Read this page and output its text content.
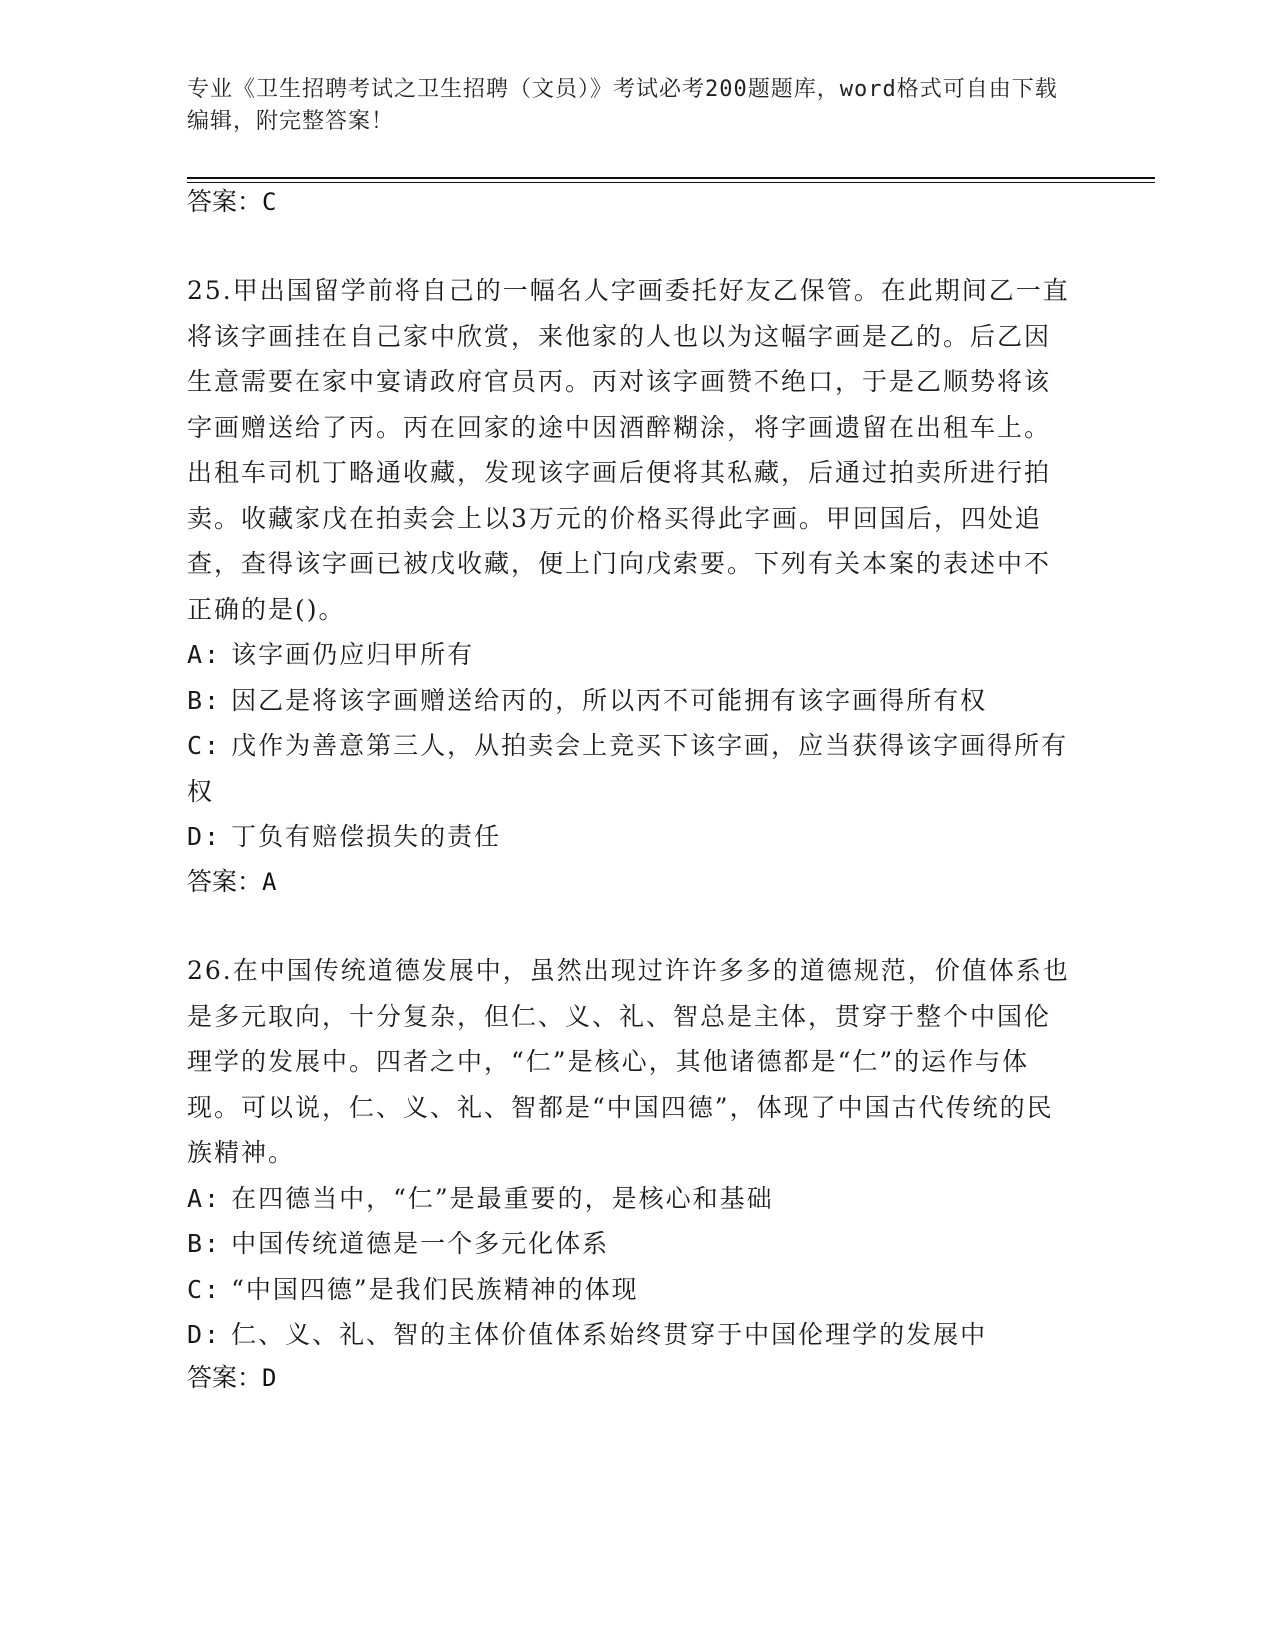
专业《卫生招聘考试之卫生招聘（文员）》考试必考200题题库，word格式可自由下载编辑，附完整答案！
答案：C

25.甲出国留学前将自己的一幅名人字画委托好友乙保管。在此期间乙一直将该字画挂在自己家中欣赏，来他家的人也以为这幅字画是乙的。后乙因生意需要在家中宴请政府官员丙。丙对该字画赞不绝口，于是乙顺势将该字画赠送给了丙。丙在回家的途中因酒醉糊涂，将字画遗留在出租车上。出租车司机丁略通收藏，发现该字画后便将其私藏，后通过拍卖所进行拍卖。收藏家戊在拍卖会上以3万元的价格买得此字画。甲回国后，四处追查，查得该字画已被戊收藏，便上门向戊索要。下列有关本案的表述中不正确的是()。

A: 该字画仍应归甲所有

B: 因乙是将该字画赠送给丙的，所以丙不可能拥有该字画得所有权

C: 戊作为善意第三人，从拍卖会上竞买下该字画，应当获得该字画得所有权

D: 丁负有赔偿损失的责任

答案：A

26.在中国传统道德发展中，虽然出现过许许多多的道德规范，价值体系也是多元取向，十分复杂，但仁、义、礼、智总是主体，贯穿于整个中国伦理学的发展中。四者之中，“仁”是核心，其他诸德都是“仁”的运作与体现。可以说，仁、义、礼、智都是“中国四德”，体现了中国古代传统的民族精神。

A: 在四德当中，“仁”是最重要的，是核心和基础

B: 中国传统道德是一个多元化体系

C: “中国四德”是我们民族精神的体现

D: 仁、义、礼、智的主体价值体系始终贯穿于中国伦理学的发展中

答案：D
